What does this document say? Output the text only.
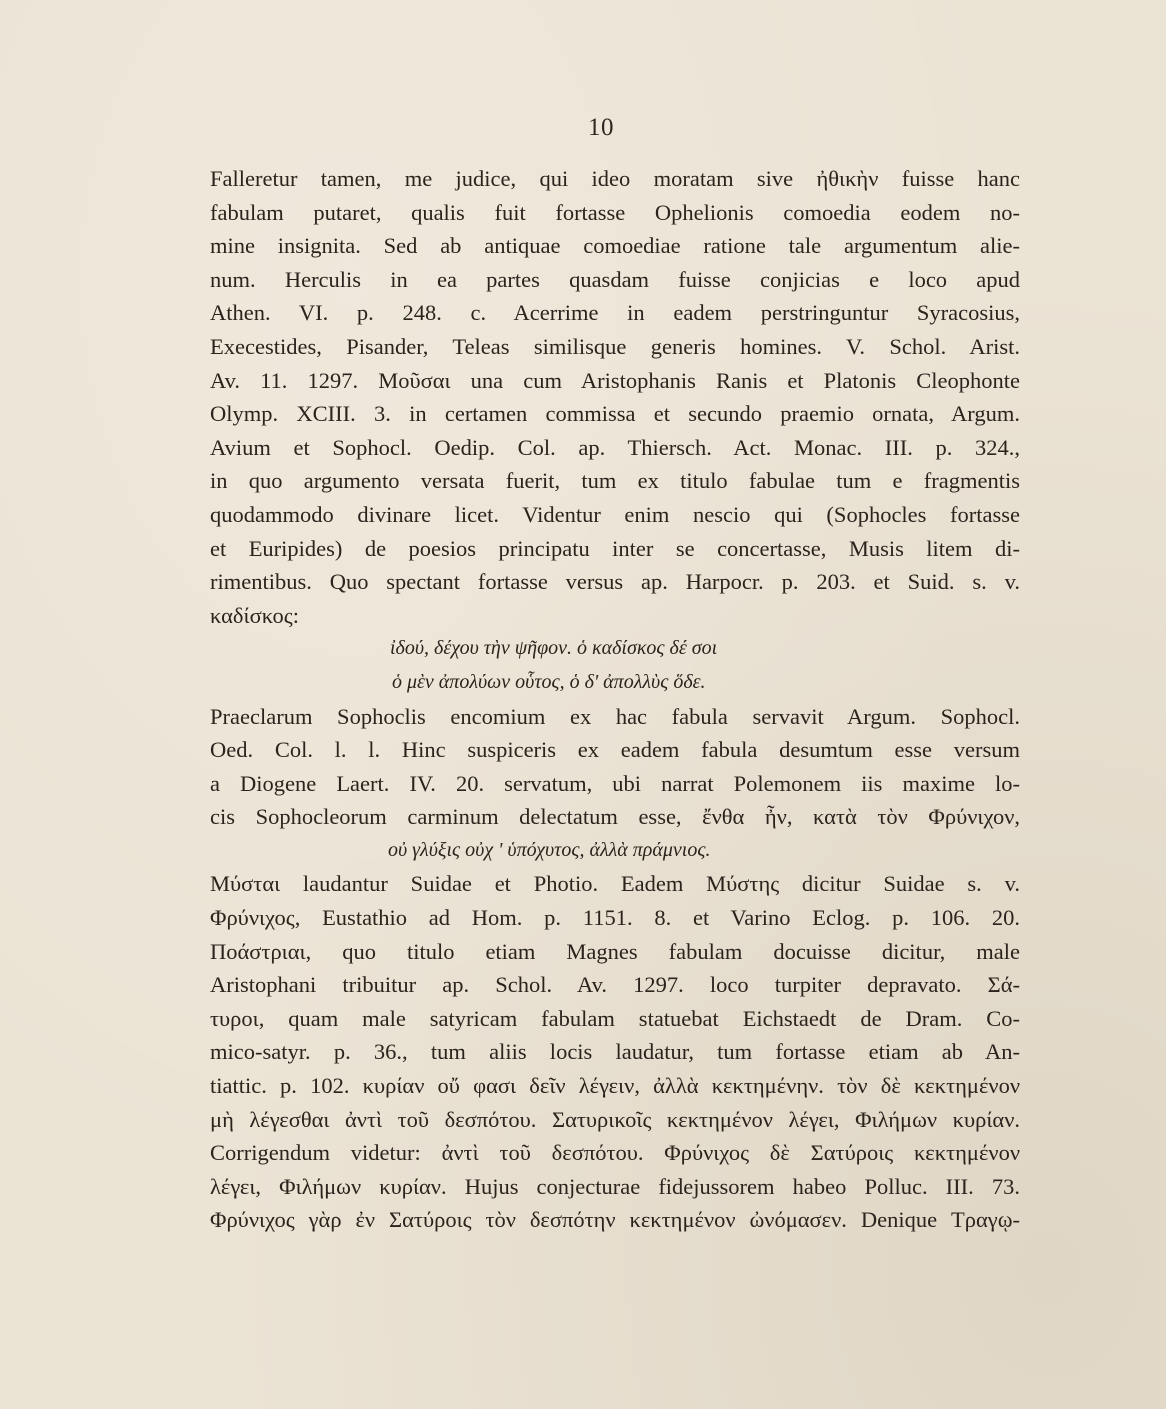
10
Falleretur tamen, me judice, qui ideo moratam sive ἠθικὴν fuisse hanc
fabulam putaret, qualis fuit fortasse Ophelionis comoedia eodem no-
mine insignita. Sed ab antiquae comoediae ratione tale argumentum alie-
num. Herculis in ea partes quasdam fuisse conjicias e loco apud
Athen. VI. p. 248. c. Acerrime in eadem perstringuntur Syracosius,
Execestides, Pisander, Teleas similisque generis homines. V. Schol. Arist.
Av. 11. 1297. Μοῦσαι una cum Aristophanis Ranis et Platonis Cleophonte
Olymp. XCIII. 3. in certamen commissa et secundo praemio ornata, Argum.
Avium et Sophocl. Oedip. Col. ap. Thiersch. Act. Monac. III. p. 324.,
in quo argumento versata fuerit, tum ex titulo fabulae tum e fragmentis
quodammodo divinare licet. Videntur enim nescio qui (Sophocles fortasse
et Euripides) de poesios principatu inter se concertasse, Musis litem di-
rimentibus. Quo spectant fortasse versus ap. Harpocr. p. 203. et Suid. s. v.
καδίσκος:
ἰδού, δέχου τὴν ψῆφον. ὁ καδίσκος δέ σοι
ὁ μὲν ἀπολύων οὗτος, ὁ δ' ἀπολλὺς ὅδε.
Praeclarum Sophoclis encomium ex hac fabula servavit Argum. Sophocl.
Oed. Col. l. l. Hinc suspiceris ex eadem fabula desumtum esse versum
a Diogene Laert. IV. 20. servatum, ubi narrat Polemonem iis maxime lo-
cis Sophocleorum carminum delectatum esse, ἔνθα ἦν, κατὰ τὸν Φρύνιχον,
οὐ γλύξις οὐχ ' ὑπόχυτος, ἀλλὰ πράμνιος.
Μύσται laudantur Suidae et Photio. Eadem Μύστης dicitur Suidae s. v.
Φρύνιχος, Eustathio ad Hom. p. 1151. 8. et Varino Eclog. p. 106. 20.
Ποάστριαι, quo titulo etiam Magnes fabulam docuisse dicitur, male
Aristophani tribuitur ap. Schol. Av. 1297. loco turpiter depravato. Σά-
τυροι, quam male satyricam fabulam statuebat Eichstaedt de Dram. Co-
mico-satyr. p. 36., tum aliis locis laudatur, tum fortasse etiam ab An-
tiattic. p. 102. κυρίαν οὔ φασι δεῖν λέγειν, ἀλλὰ κεκτημένην. τὸν δὲ κεκτημένον
μὴ λέγεσθαι ἀντὶ τοῦ δεσπότου. Σατυρικοῖς κεκτημένον λέγει, Φιλήμων κυρίαν.
Corrigendum videtur: ἀντὶ τοῦ δεσπότου. Φρύνιχος δὲ Σατύροις κεκτημένον
λέγει, Φιλήμων κυρίαν. Hujus conjecturae fidejussorem habeo Polluc. III. 73.
Φρύνιχος γὰρ ἐν Σατύροις τὸν δεσπότην κεκτημένον ὠνόμασεν. Denique Τραγῳ-
